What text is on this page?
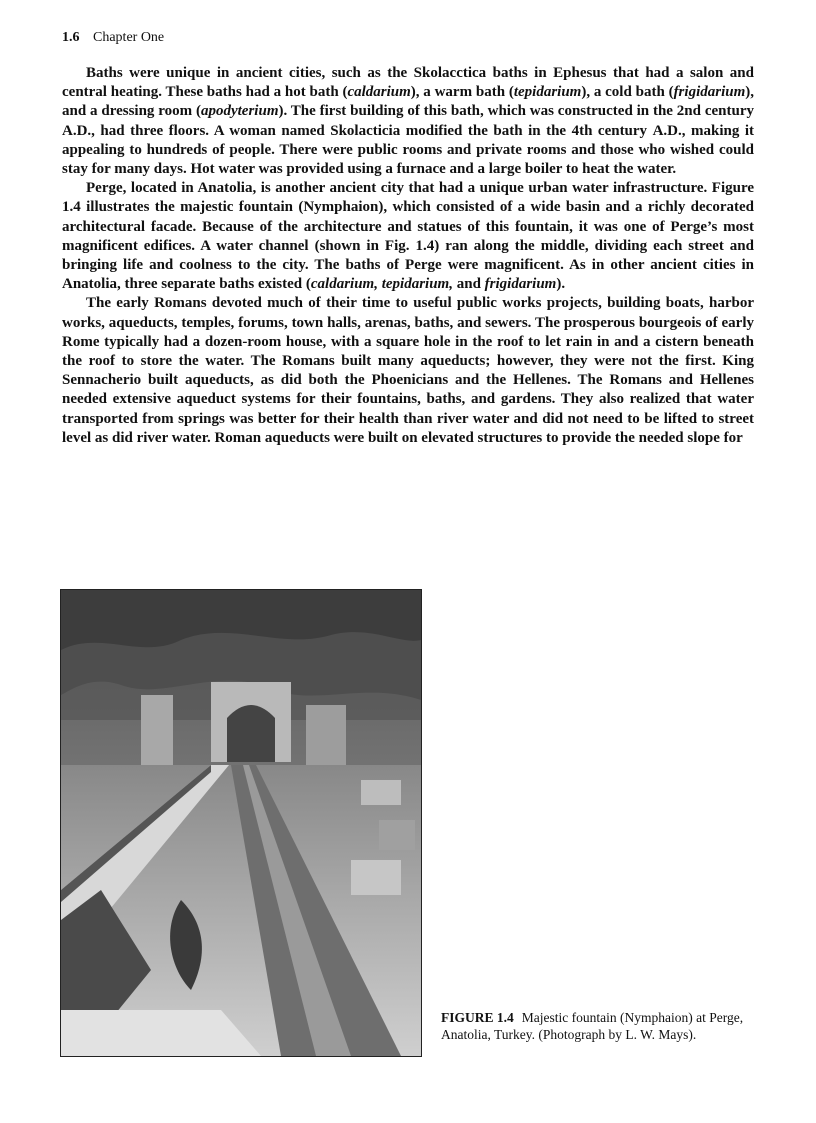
1.6 Chapter One

Baths were unique in ancient cities, such as the Skolacctica baths in Ephesus that had a salon and central heating. These baths had a hot bath (caldarium), a warm bath (tepidarium), a cold bath (frigidarium), and a dressing room (apodyterium). The first building of this bath, which was constructed in the 2nd century A.D., had three floors. A woman named Skolacticia modified the bath in the 4th century A.D., making it appealing to hundreds of people. There were public rooms and private rooms and those who wished could stay for many days. Hot water was provided using a furnace and a large boiler to heat the water.

Perge, located in Anatolia, is another ancient city that had a unique urban water infrastructure. Figure 1.4 illustrates the majestic fountain (Nymphaion), which consisted of a wide basin and a richly decorated architectural facade. Because of the architecture and statues of this fountain, it was one of Perge’s most magnificent edifices. A water channel (shown in Fig. 1.4) ran along the middle, dividing each street and bringing life and coolness to the city. The baths of Perge were magnificent. As in other ancient cities in Anatolia, three separate baths existed (caldarium, tepidarium, and frigidarium).

The early Romans devoted much of their time to useful public works projects, building boats, harbor works, aqueducts, temples, forums, town halls, arenas, baths, and sewers. The prosperous bourgeois of early Rome typically had a dozen-room house, with a square hole in the roof to let rain in and a cistern beneath the roof to store the water. The Romans built many aqueducts; however, they were not the first. King Sennacherio built aqueducts, as did both the Phoenicians and the Hellenes. The Romans and Hellenes needed extensive aqueduct systems for their fountains, baths, and gardens. They also realized that water transported from springs was better for their health than river water and did not need to be lifted to street level as did river water. Roman aqueducts were built on elevated structures to provide the needed slope for

FIGURE 1.4 Majestic fountain (Nymphaion) at Perge, Anatolia, Turkey. (Photograph by L. W. Mays).
